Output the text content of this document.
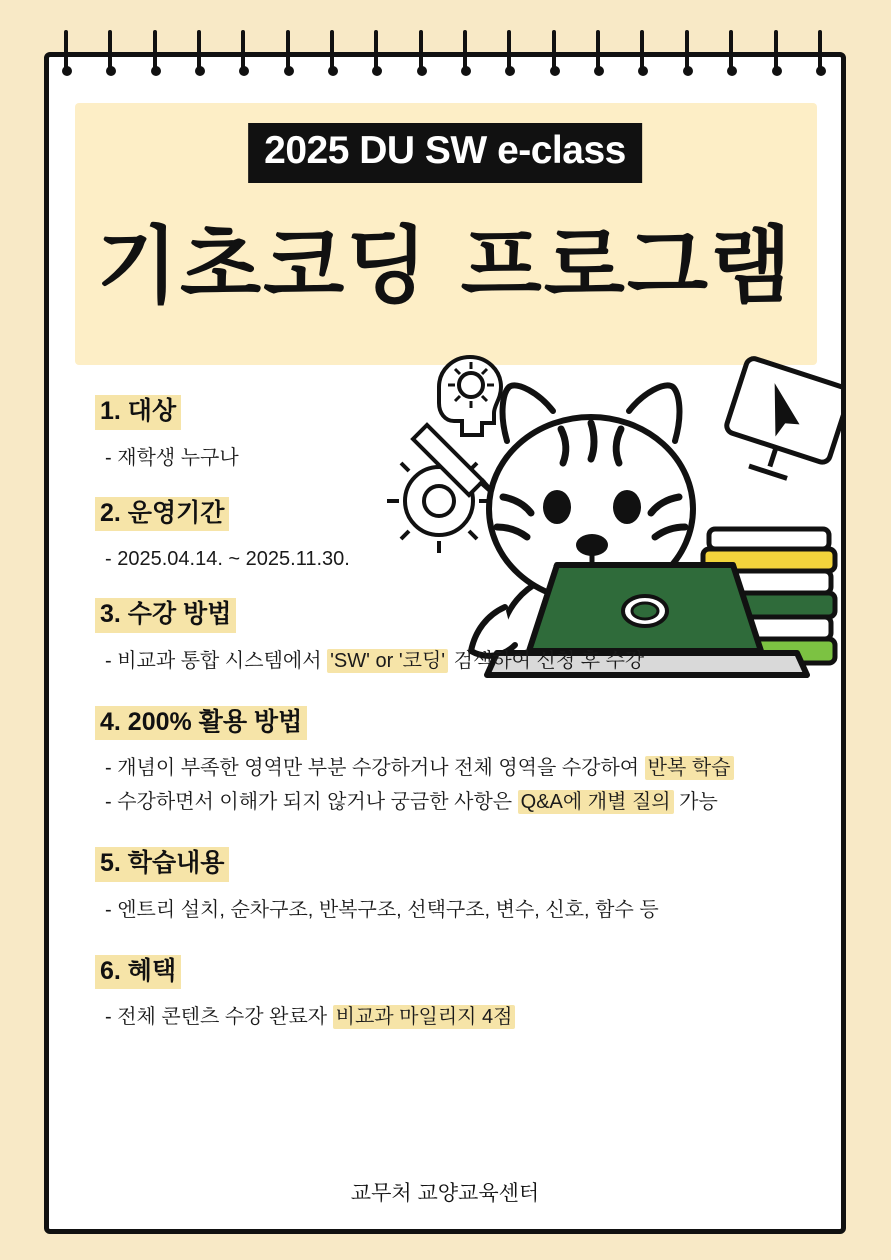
2025 DU SW e-class
기초코딩 프로그램
1. 대상
- 재학생 누구나
2. 운영기간
- 2025.04.14. ~ 2025.11.30.
3. 수강 방법
- 비교과 통합 시스템에서 'SW' or '코딩' 검색하여 신청 후 수강
4. 200% 활용 방법
- 개념이 부족한 영역만 부분 수강하거나 전체 영역을 수강하여 반복 학습
- 수강하면서 이해가 되지 않거나 궁금한 사항은 Q&A에 개별 질의 가능
5. 학습내용
- 엔트리 설치, 순차구조, 반복구조, 선택구조, 변수, 신호, 함수 등
6. 혜택
- 전체 콘텐츠 수강 완료자 비교과 마일리지 4점
교무처 교양교육센터
